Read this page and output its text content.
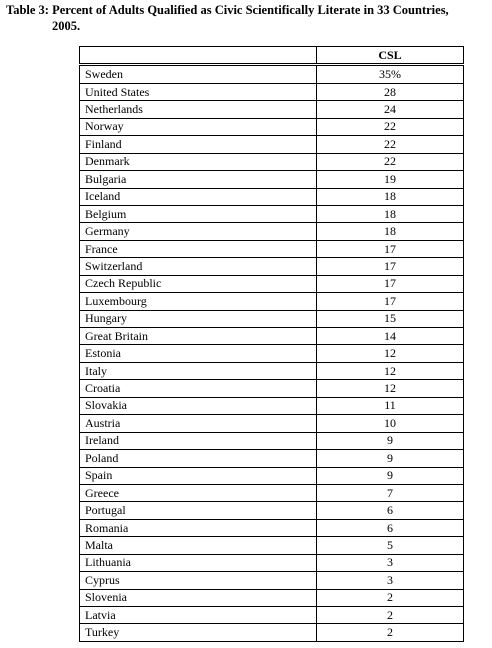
Table 3: Percent of Adults Qualified as Civic Scientifically Literate in 33 Countries,
2005.
	CSL
Sweden	35%
United States	28
Netherlands	24
Norway	22
Finland	22
Denmark	22
Bulgaria	19
Iceland	18
Belgium	18
Germany	18
France	17
Switzerland	17
Czech Republic	17
Luxembourg	17
Hungary	15
Great Britain	14
Estonia	12
Italy	12
Croatia	12
Slovakia	11
Austria	10
Ireland	9
Poland	9
Spain	9
Greece	7
Portugal	6
Romania	6
Malta	5
Lithuania	3
Cyprus	3
Slovenia	2
Latvia	2
Turkey	2
